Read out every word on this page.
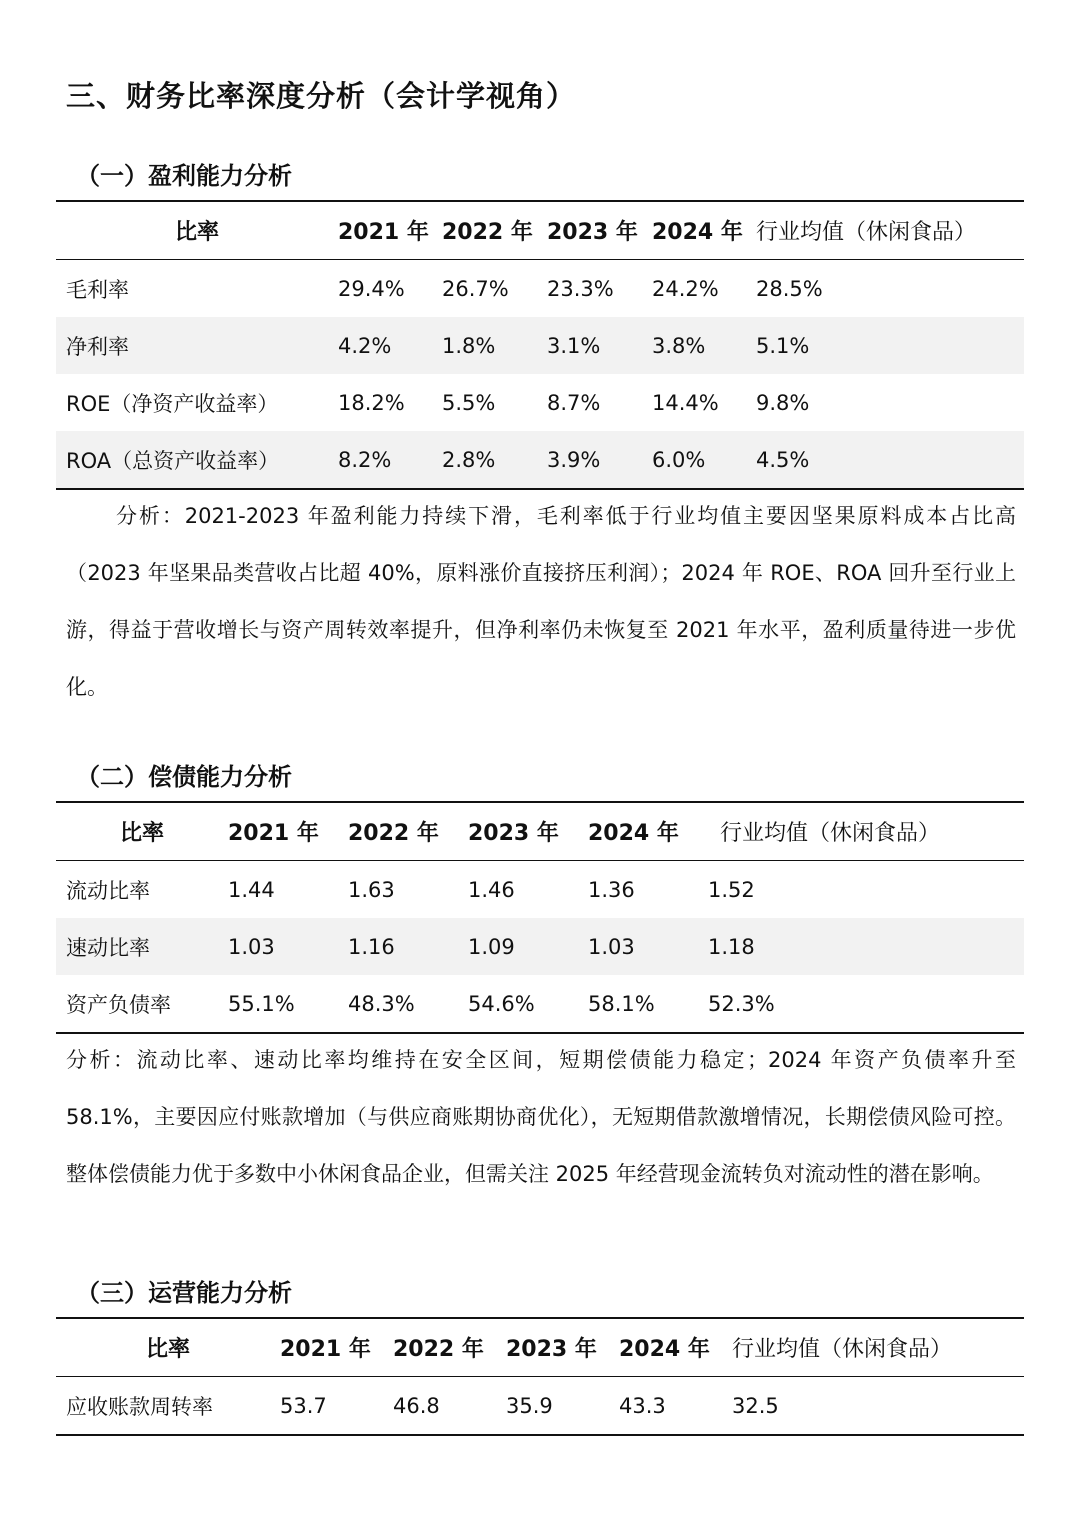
三、财务比率深度分析（会计学视角）
（一）盈利能力分析
比率	2021 年	2022 年	2023 年	2024 年	行业均值（休闲食品）
毛利率	29.4%	26.7%	23.3%	24.2%	28.5%
净利率	4.2%	1.8%	3.1%	3.8%	5.1%
ROE（净资产收益率）	18.2%	5.5%	8.7%	14.4%	9.8%
ROA（总资产收益率）	8.2%	2.8%	3.9%	6.0%	4.5%

分析：2021-2023 年盈利能力持续下滑，毛利率低于行业均值主要因坚果原料成本占比高（2023 年坚果品类营收占比超 40%，原料涨价直接挤压利润）；2024 年 ROE、ROA 回升至行业上游，得益于营收增长与资产周转效率提升，但净利率仍未恢复至 2021 年水平，盈利质量待进一步优化。

（二）偿债能力分析
比率	2021 年	2022 年	2023 年	2024 年	行业均值（休闲食品）
流动比率	1.44	1.63	1.46	1.36	1.52
速动比率	1.03	1.16	1.09	1.03	1.18
资产负债率	55.1%	48.3%	54.6%	58.1%	52.3%

分析：流动比率、速动比率均维持在安全区间，短期偿债能力稳定；2024 年资产负债率升至 58.1%，主要因应付账款增加（与供应商账期协商优化），无短期借款激增情况，长期偿债风险可控。整体偿债能力优于多数中小休闲食品企业，但需关注 2025 年经营现金流转负对流动性的潜在影响。

（三）运营能力分析
比率	2021 年	2022 年	2023 年	2024 年	行业均值（休闲食品）
应收账款周转率	53.7	46.8	35.9	43.3	32.5
